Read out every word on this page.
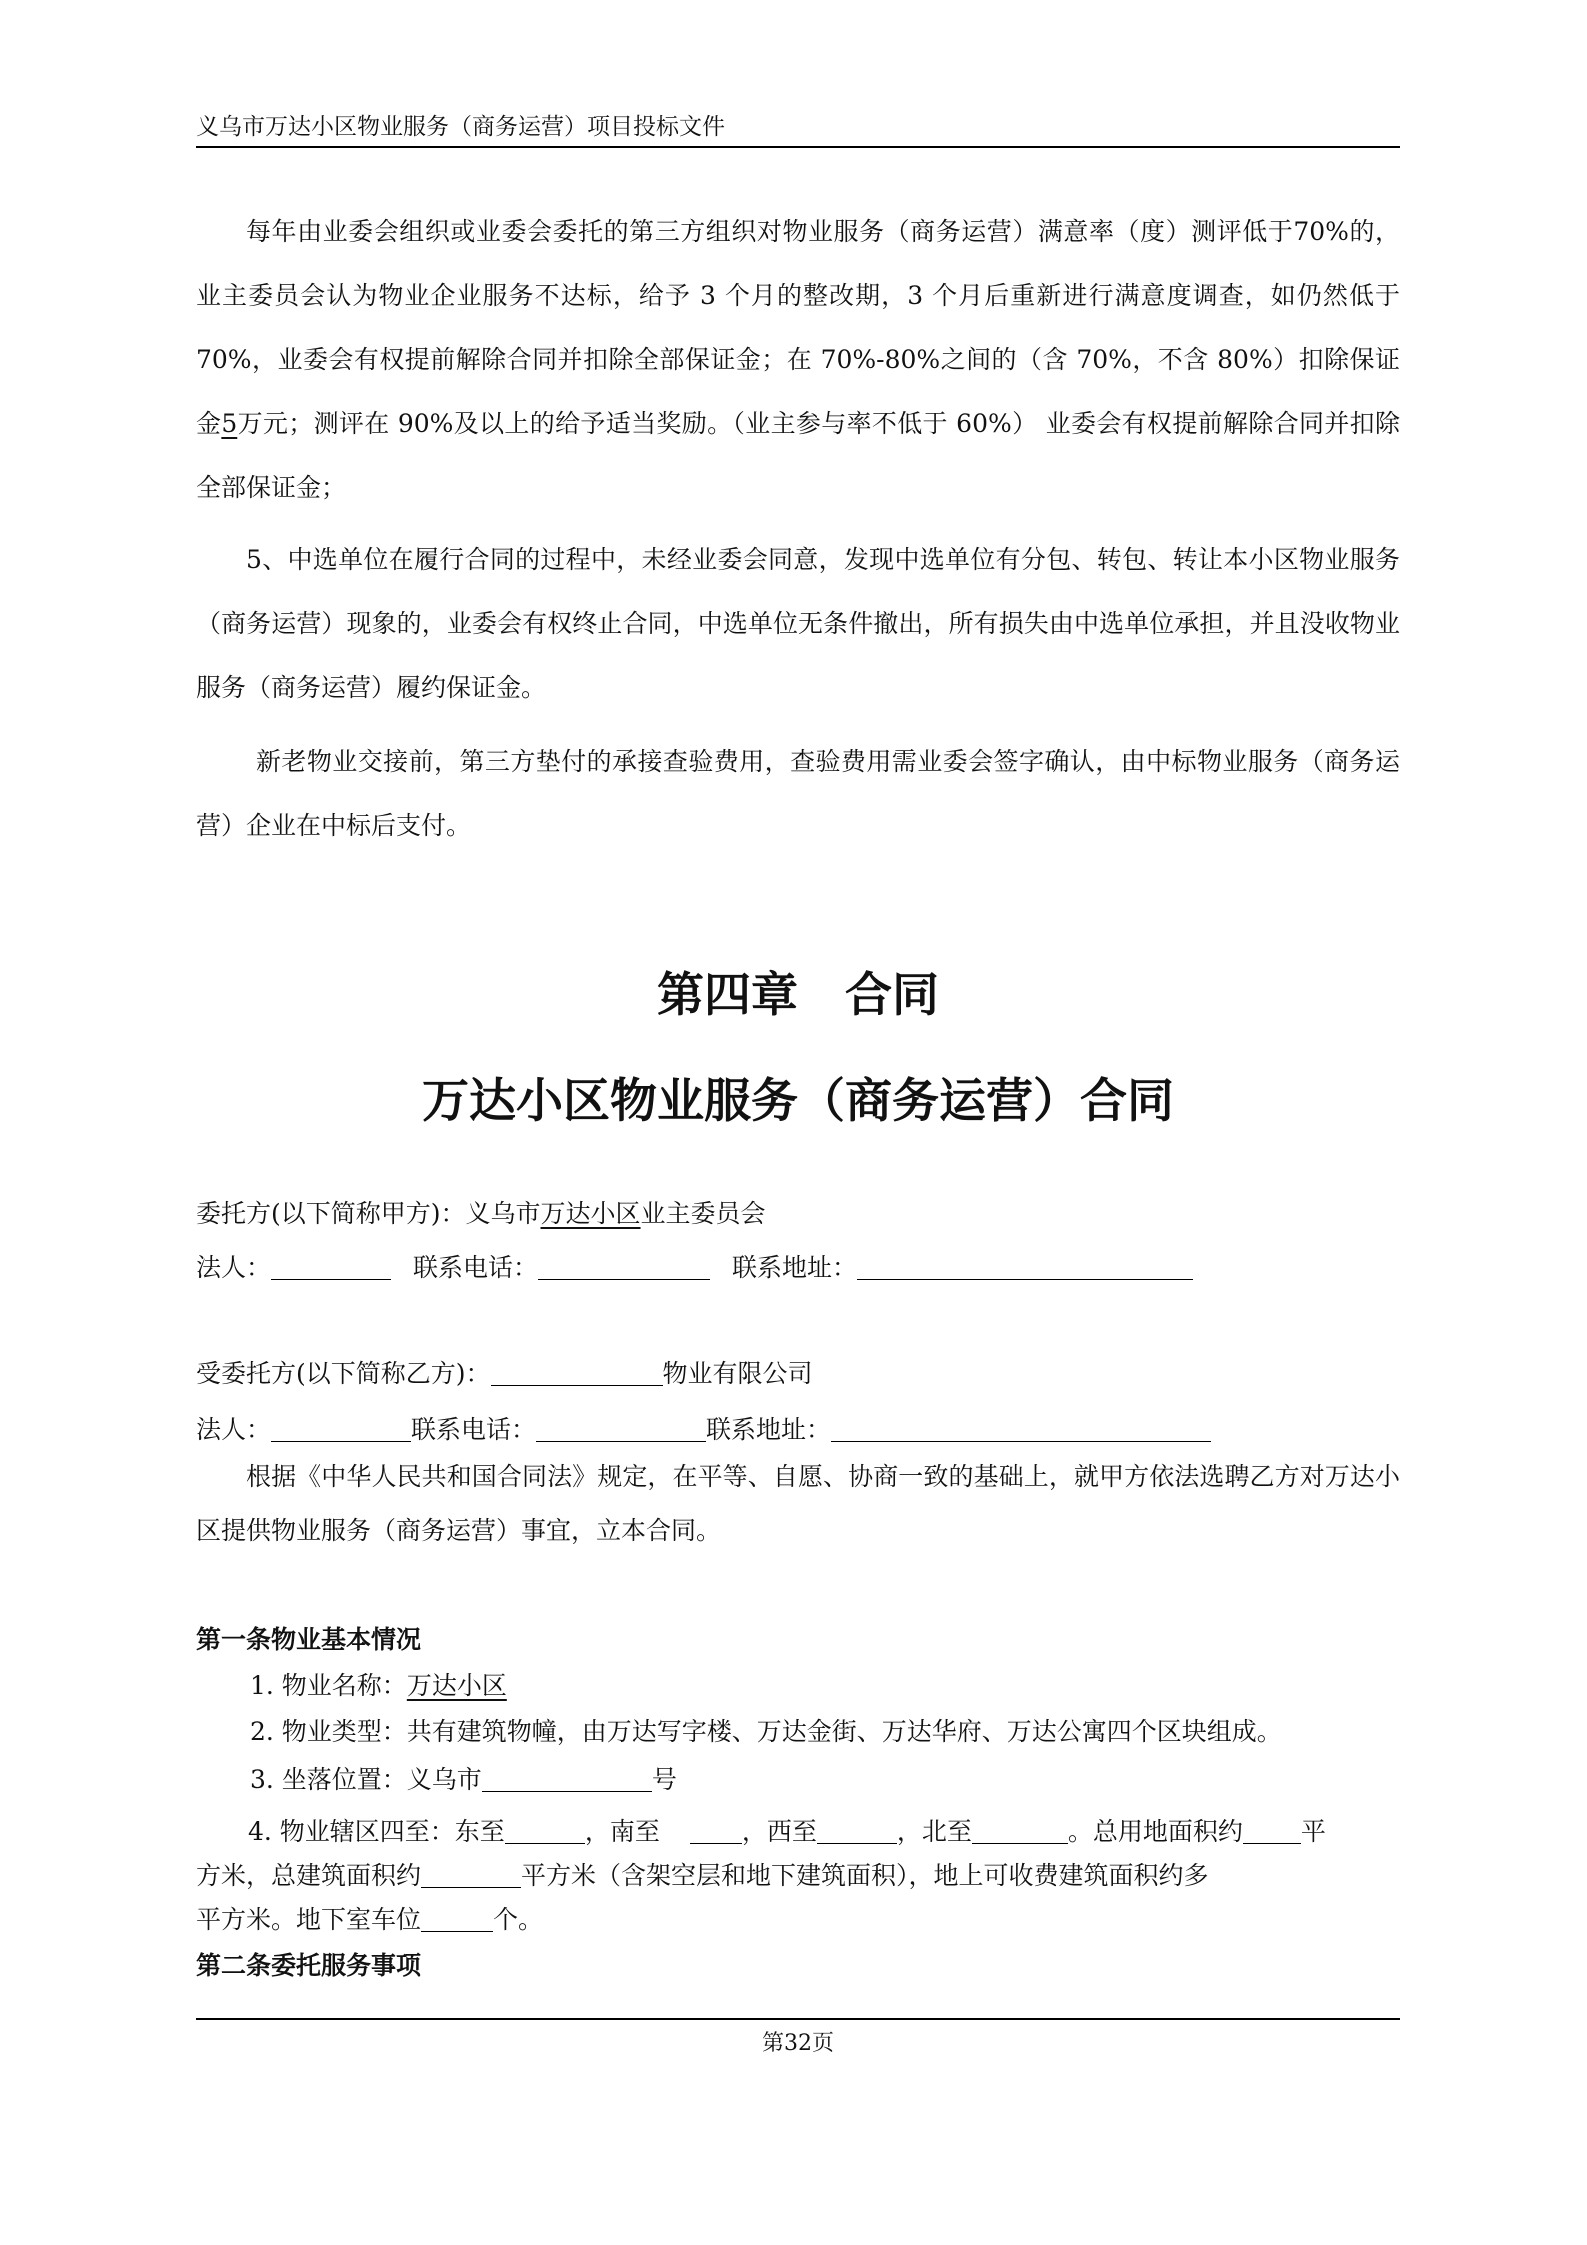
义乌市万达小区物业服务（商务运营）项目投标文件

每年由业委会组织或业委会委托的第三方组织对物业服务（商务运营）满意率（度）测评低于70%的，业主委员会认为物业企业服务不达标，给予 3 个月的整改期，3 个月后重新进行满意度调查，如仍然低于 70%，业委会有权提前解除合同并扣除全部保证金；在 70%-80%之间的（含 70%，不含 80%）扣除保证金5万元；测评在 90%及以上的给予适当奖励。（业主参与率不低于 60%） 业委会有权提前解除合同并扣除全部保证金；

5、中选单位在履行合同的过程中，未经业委会同意，发现中选单位有分包、转包、转让本小区物业服务（商务运营）现象的，业委会有权终止合同，中选单位无条件撤出，所有损失由中选单位承担，并且没收物业服务（商务运营）履约保证金。

新老物业交接前，第三方垫付的承接查验费用，查验费用需业委会签字确认，由中标物业服务（商务运营）企业在中标后支付。

第四章　合同
万达小区物业服务（商务运营）合同
委托方(以下简称甲方)：义乌市万达小区业主委员会
法人：	联系电话：	联系地址：
受委托方(以下简称乙方)：	物业有限公司
法人：	联系电话：	联系地址：

根据《中华人民共和国合同法》规定，在平等、自愿、协商一致的基础上，就甲方依法选聘乙方对万达小区提供物业服务（商务运营）事宜，立本合同。

第一条物业基本情况
1. 物业名称：万达小区
2. 物业类型：共有建筑物幢，由万达写字楼、万达金街、万达华府、万达公寓四个区块组成。
3. 坐落位置：义乌市	号
4. 物业辖区四至：东至	，南至	，西至	，北至	。总用地面积约 平
方米，总建筑面积约	平方米（含架空层和地下建筑面积），地上可收费建筑面积约多
平方米。地下室车位	个。
第二条委托服务事项
第32页
